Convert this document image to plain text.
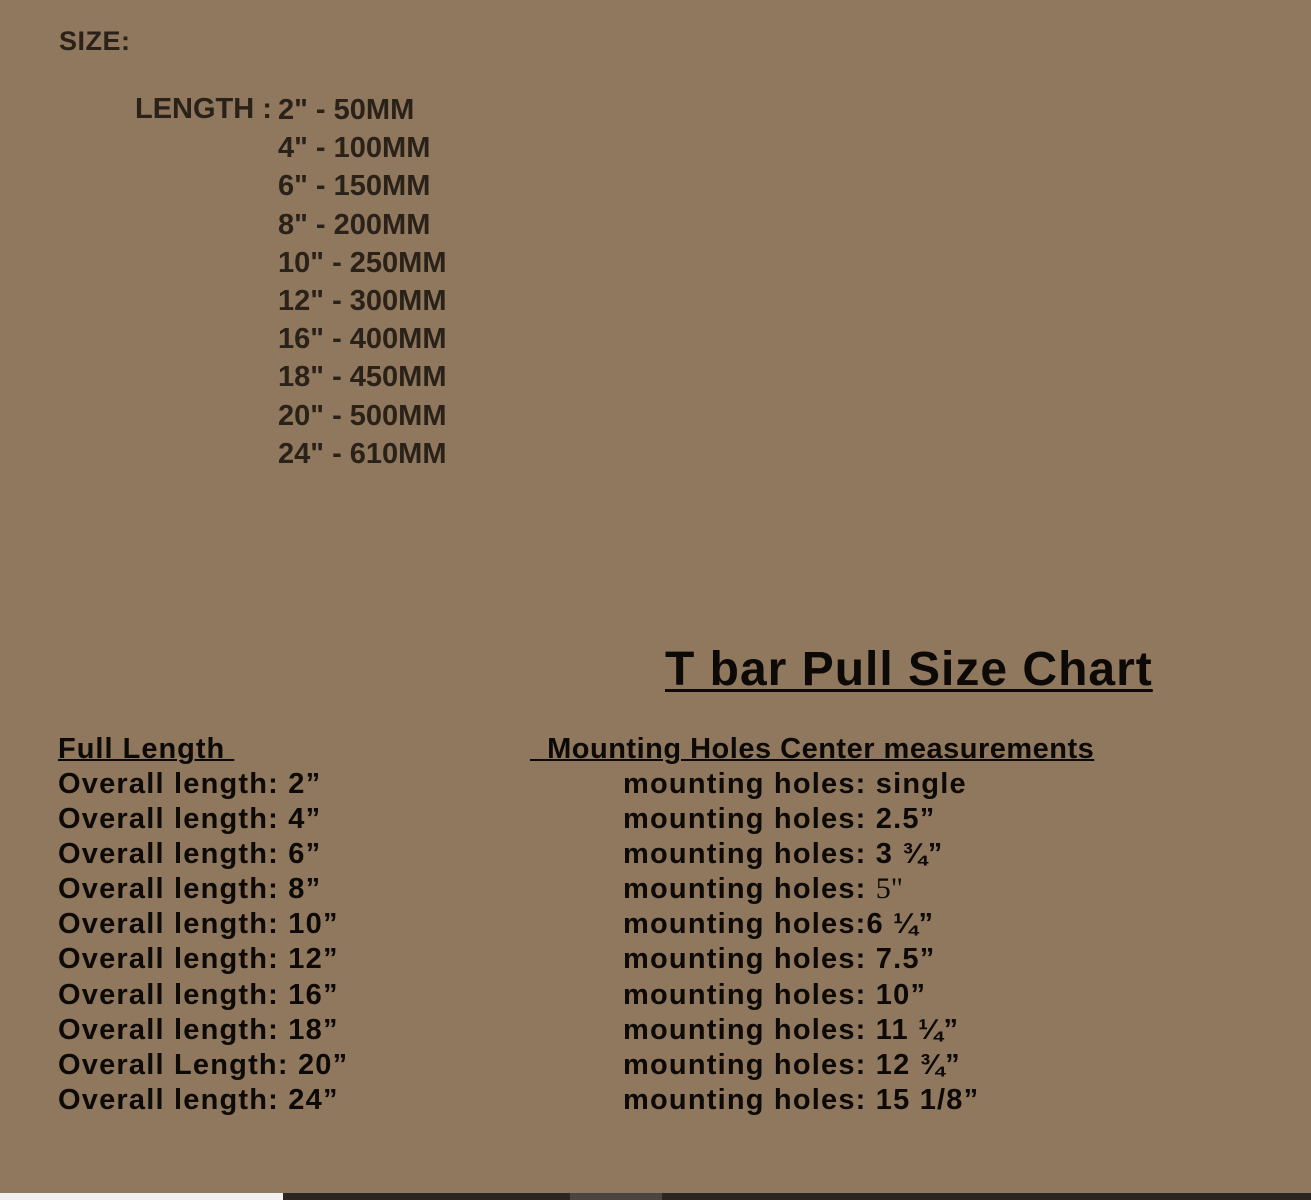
SIZE:
LENGTH : 2" - 50MM
4" - 100MM
6" - 150MM
8" - 200MM
10" - 250MM
12" - 300MM
16" - 400MM
18" - 450MM
20" - 500MM
24" - 610MM
T bar Pull Size Chart
Full Length	Mounting Holes Center measurements
Overall length: 2”
Overall length: 4”
Overall length: 6”
Overall length: 8”
Overall length: 10”
Overall length: 12”
Overall length: 16”
Overall length: 18”
Overall Length: 20”
Overall length: 24”
mounting holes: single
mounting holes: 2.5”
mounting holes: 3 ¾”
mounting holes: 5"
mounting holes:6 ¼”
mounting holes: 7.5”
mounting holes: 10”
mounting holes: 11 ¼”
mounting holes: 12 ¾”
mounting holes: 15 1/8”
